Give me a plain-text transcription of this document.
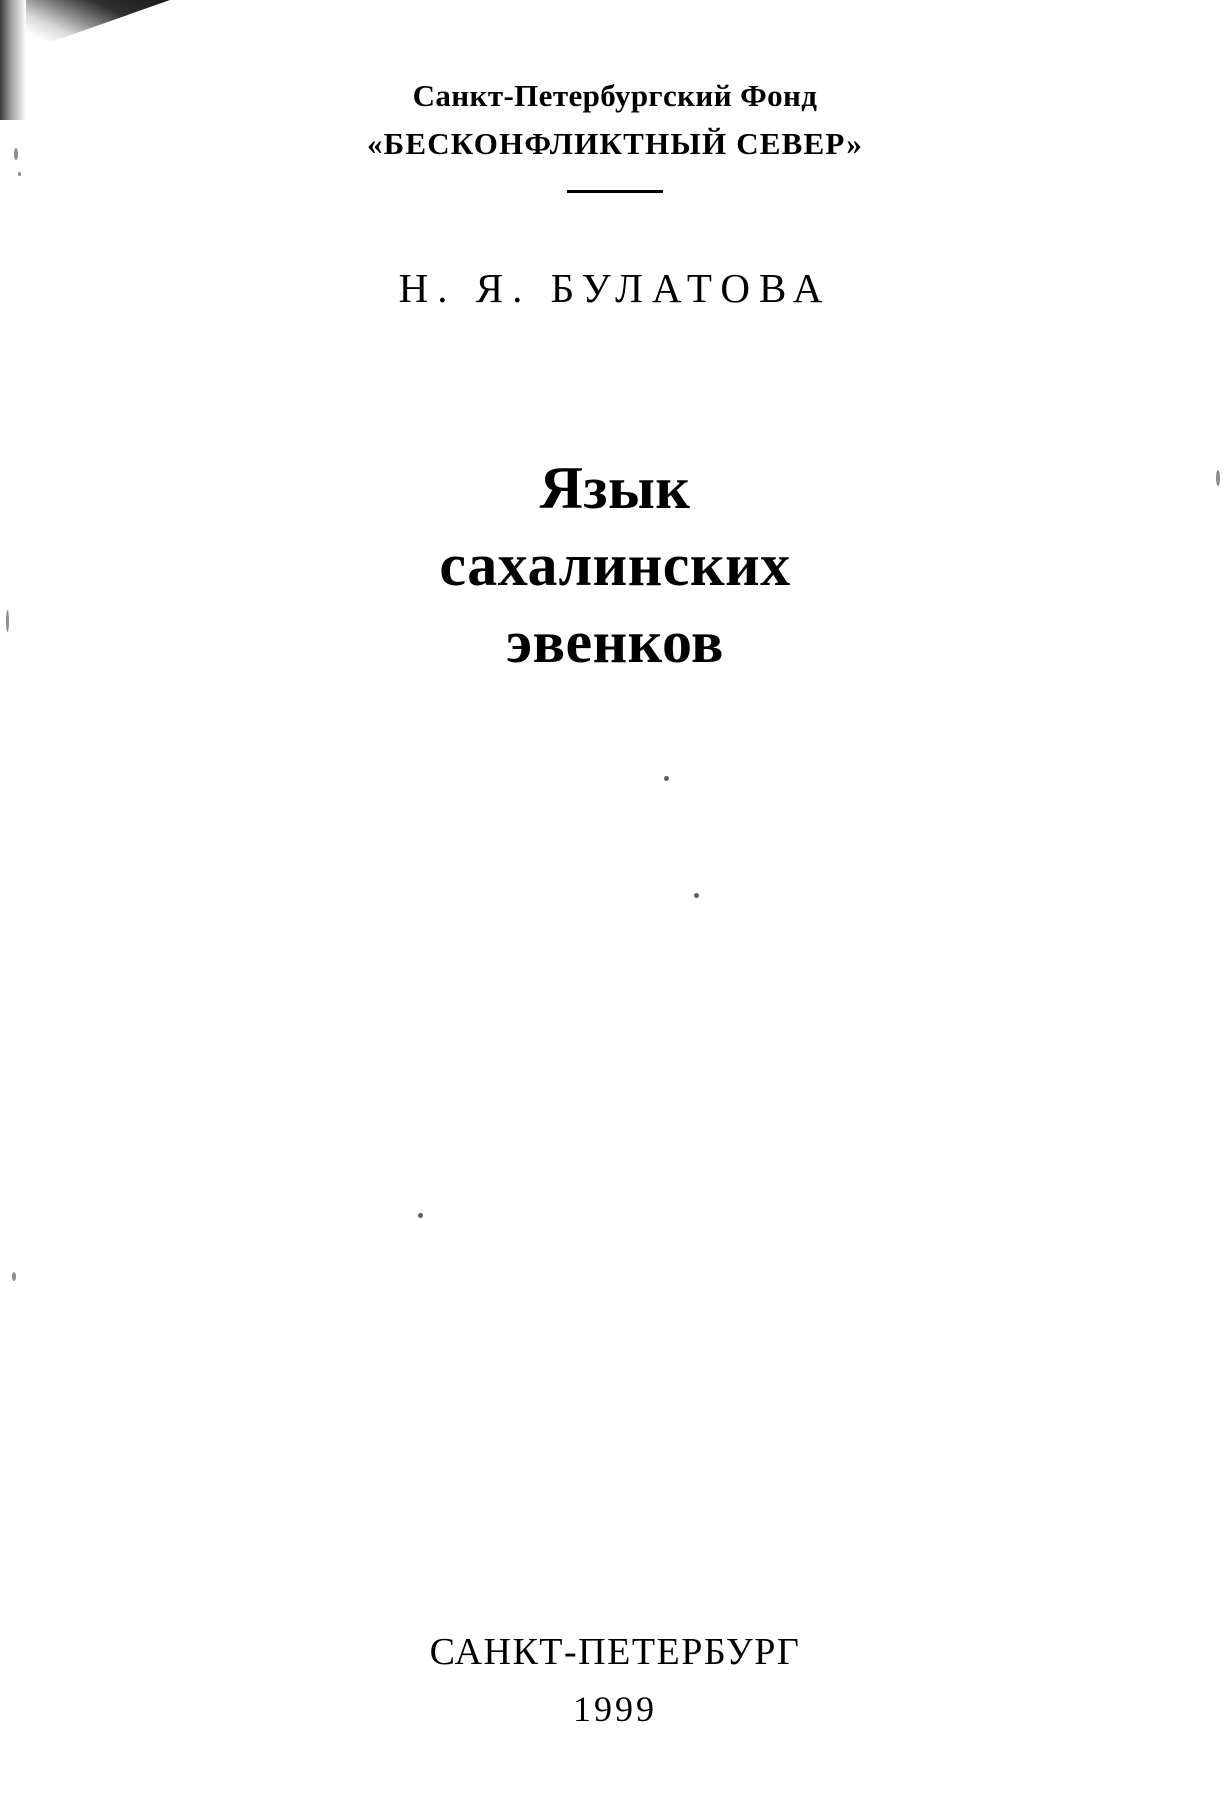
Санкт-Петербургский Фонд
«БЕСКОНФЛИКТНЫЙ СЕВЕР»
Н. Я. БУЛАТОВА
Язык
сахалинских
эвенков
САНКТ-ПЕТЕРБУРГ
1999
